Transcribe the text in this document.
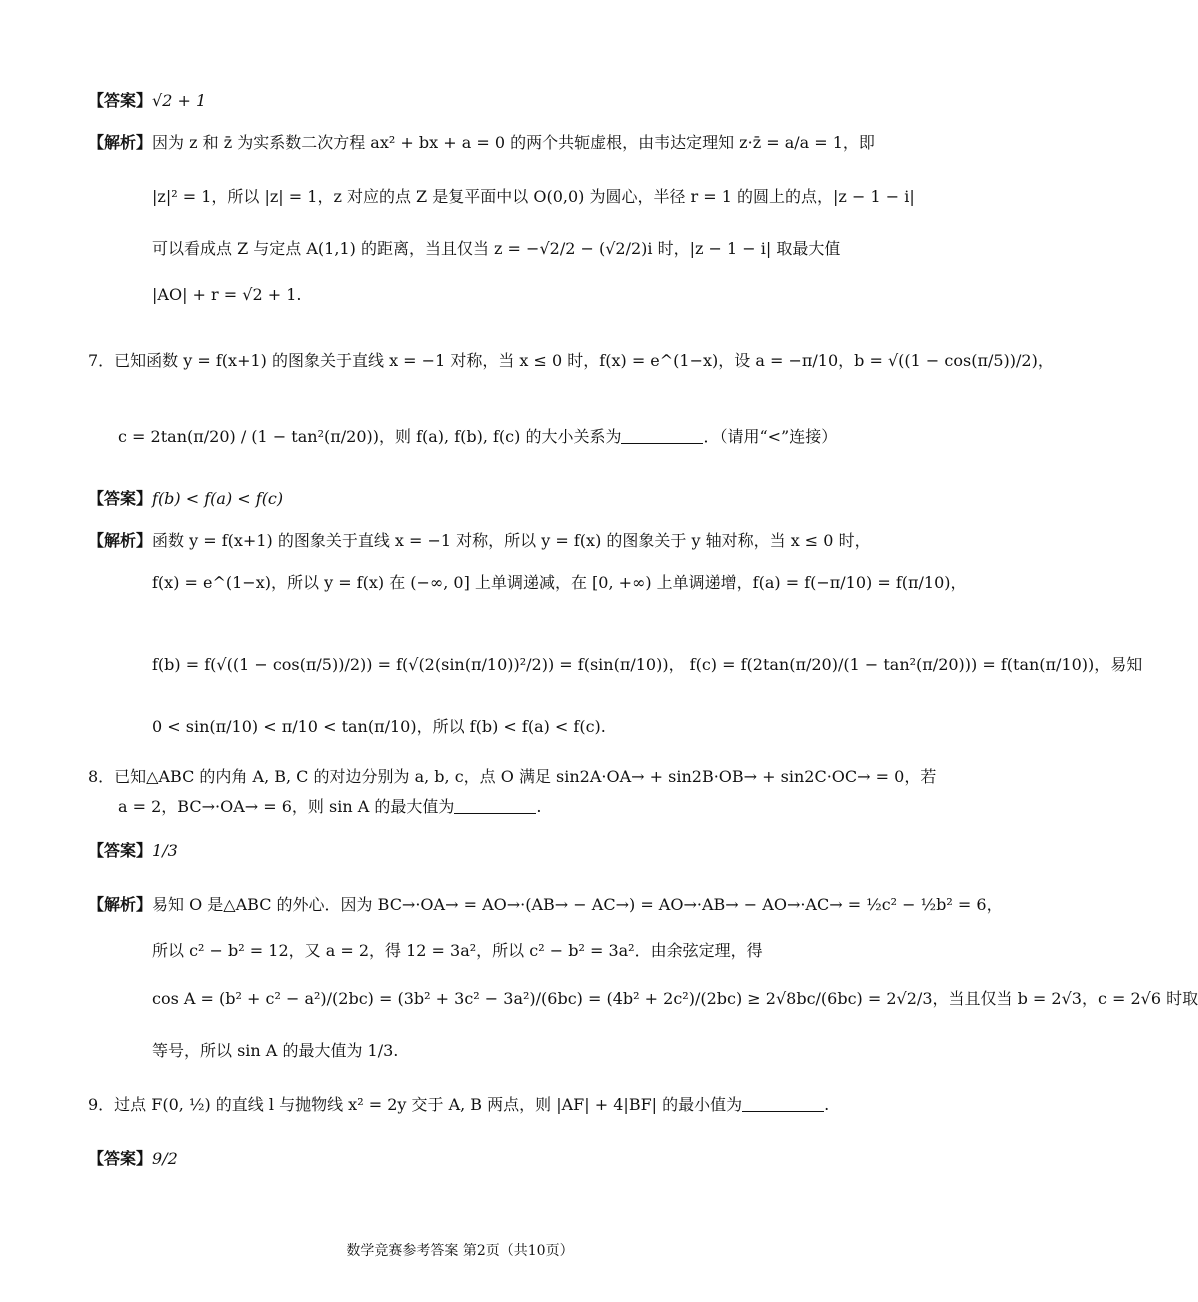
【答案】√2 + 1
【解析】因为 z 和 z̄ 为实系数二次方程 ax² + bx + a = 0 的两个共轭虚根，由韦达定理知 z·z̄ = a/a = 1，即
|z|² = 1，所以 |z| = 1，z 对应的点 Z 是复平面中以 O(0,0) 为圆心，半径 r = 1 的圆上的点，|z − 1 − i|
可以看成点 Z 与定点 A(1,1) 的距离，当且仅当 z = −√2/2 − (√2/2)i 时，|z − 1 − i| 取最大值
|AO| + r = √2 + 1.
7．已知函数 y = f(x+1) 的图象关于直线 x = −1 对称，当 x ≤ 0 时，f(x) = e^(1−x)，设 a = −π/10，b = √((1 − cos(π/5))/2)，
c = 2tan(π/20) / (1 − tan²(π/20))，则 f(a), f(b), f(c) 的大小关系为	．（请用“<”连接）
【答案】f(b) < f(a) < f(c)
【解析】函数 y = f(x+1) 的图象关于直线 x = −1 对称，所以 y = f(x) 的图象关于 y 轴对称，当 x ≤ 0 时，
f(x) = e^(1−x)，所以 y = f(x) 在 (−∞, 0] 上单调递减，在 [0, +∞) 上单调递增，f(a) = f(−π/10) = f(π/10)，
f(b) = f(√((1 − cos(π/5))/2)) = f(√(2(sin(π/10))²/2)) = f(sin(π/10))， f(c) = f(2tan(π/20)/(1 − tan²(π/20))) = f(tan(π/10))，易知
0 < sin(π/10) < π/10 < tan(π/10)，所以 f(b) < f(a) < f(c).
8．已知△ABC 的内角 A, B, C 的对边分别为 a, b, c，点 O 满足 sin2A·OA→ + sin2B·OB→ + sin2C·OC→ = 0，若
a = 2，BC→·OA→ = 6，则 sin A 的最大值为	.
【答案】1/3
【解析】易知 O 是△ABC 的外心．因为 BC→·OA→ = AO→·(AB→ − AC→) = AO→·AB→ − AO→·AC→ = ½c² − ½b² = 6，
所以 c² − b² = 12，又 a = 2，得 12 = 3a²，所以 c² − b² = 3a²．由余弦定理，得
cos A = (b² + c² − a²)/(2bc) = (3b² + 3c² − 3a²)/(6bc) = (4b² + 2c²)/(2bc) ≥ 2√8bc/(6bc) = 2√2/3，当且仅当 b = 2√3，c = 2√6 时取
等号，所以 sin A 的最大值为 1/3.
9．过点 F(0, ½) 的直线 l 与抛物线 x² = 2y 交于 A, B 两点，则 |AF| + 4|BF| 的最小值为	.
【答案】9/2
数学竞赛参考答案 第2页（共10页）
